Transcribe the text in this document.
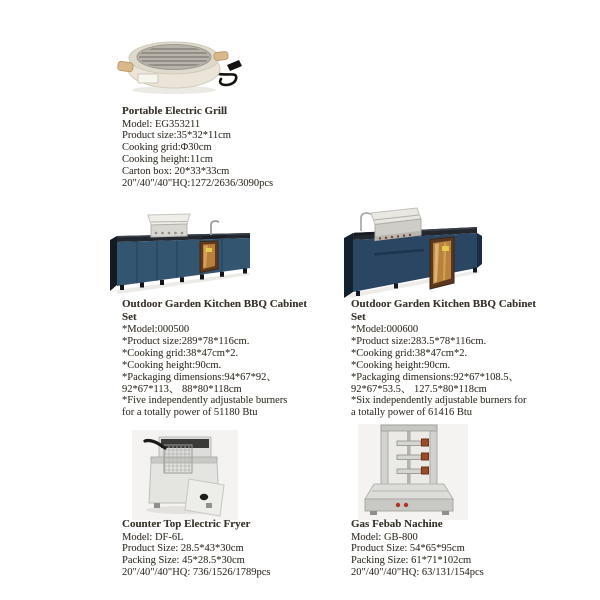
Portable Electric Grill
Model: EG353211
Product size:35*32*11cm
Cooking grid:Φ30cm
Cooking height:11cm
Carton box: 20*33*33cm
20"/40"/40"HQ:1272/2636/3090pcs
Outdoor Garden Kitchen BBQ Cabinet Set
*Model:000500
*Product size:289*78*116cm.
*Cooking grid:38*47cm*2.
*Cooking height:90cm.
*Packaging dimensions:94*67*92、
92*67*113、 88*80*118cm
*Five independently adjustable burners
for a totally power of 51180 Btu
Outdoor Garden Kitchen BBQ Cabinet Set
*Model:000600
*Product size:283.5*78*116cm.
*Cooking grid:38*47cm*2.
*Cooking height:90cm.
*Packaging dimensions:92*67*108.5、
92*67*53.5、 127.5*80*118cm
*Six independently adjustable burners for
a totally power of 61416 Btu
Counter Top Electric Fryer
Model: DF-6L
Product Size: 28.5*43*30cm
Packing Size: 45*28.5*30cm
20"/40"/40"HQ: 736/1526/1789pcs
Gas Febab Nachine
Model: GB-800
Product Size: 54*65*95cm
Packing Size: 61*71*102cm
20"/40"/40"HQ: 63/131/154pcs
